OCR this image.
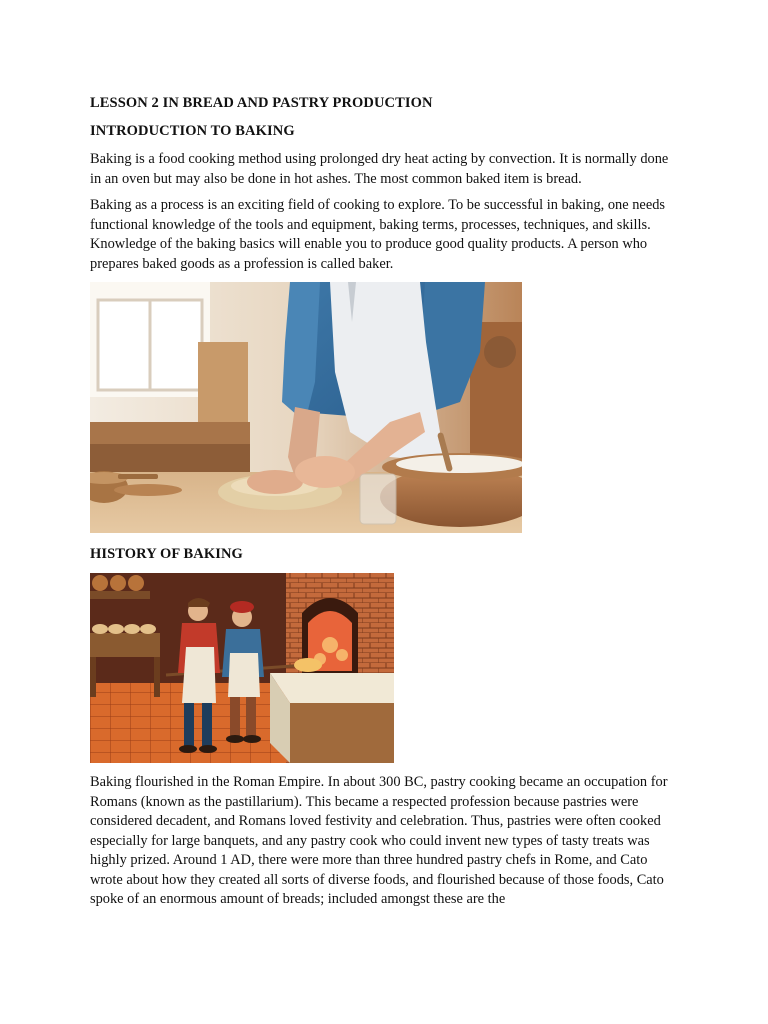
LESSON 2 IN BREAD AND PASTRY PRODUCTION
INTRODUCTION TO BAKING

Baking is a food cooking method using prolonged dry heat acting by convection. It is normally done in an oven but may also be done in hot ashes. The most common baked item is bread.

Baking as a process is an exciting field of cooking to explore. To be successful in baking, one needs functional knowledge of the tools and equipment, baking terms, processes, techniques, and skills. Knowledge of the baking basics will enable you to produce good quality products. A person who prepares baked goods as a profession is called baker.

HISTORY OF BAKING

Baking flourished in the Roman Empire. In about 300 BC, pastry cooking became an occupation for Romans (known as the pastillarium). This became a respected profession because pastries were considered decadent, and Romans loved festivity and celebration. Thus, pastries were often cooked especially for large banquets, and any pastry cook who could invent new types of tasty treats was highly prized. Around 1 AD, there were more than three hundred pastry chefs in Rome, and Cato wrote about how they created all sorts of diverse foods, and flourished because of those foods, Cato spoke of an enormous amount of breads; included amongst these are the
